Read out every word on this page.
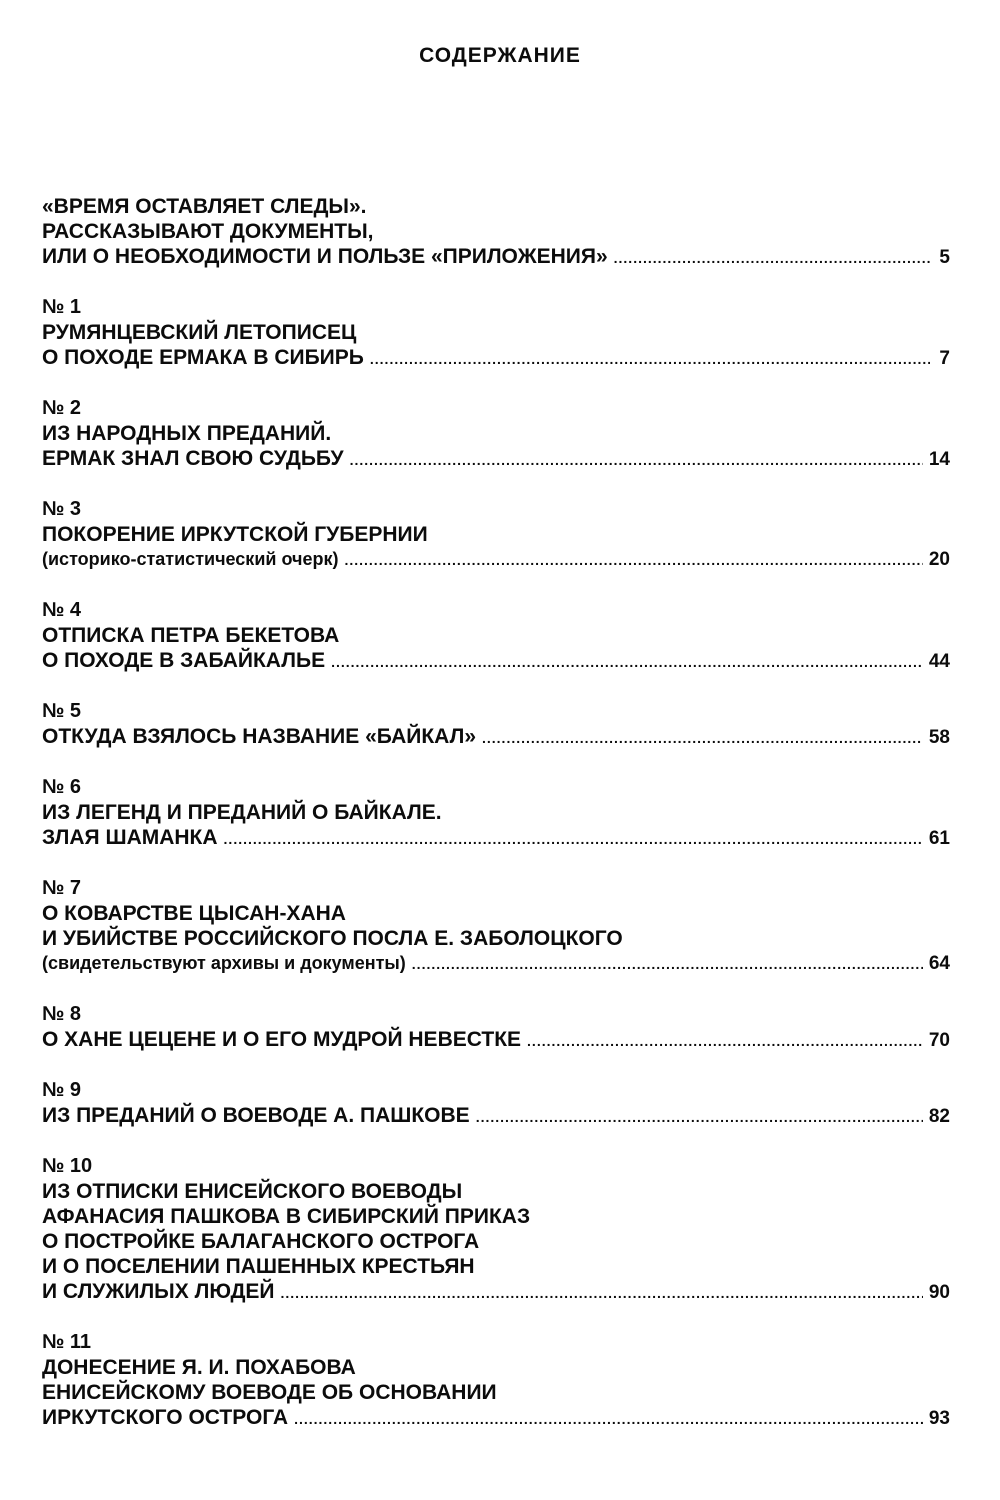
СОДЕРЖАНИЕ
«ВРЕМЯ ОСТАВЛЯЕТ СЛЕДЫ».
РАССКАЗЫВАЮТ ДОКУМЕНТЫ,
ИЛИ О НЕОБХОДИМОСТИ И ПОЛЬЗЕ «ПРИЛОЖЕНИЯ» .....	5
№ 1
РУМЯНЦЕВСКИЙ ЛЕТОПИСЕЦ
О ПОХОДЕ ЕРМАКА В СИБИРЬ .....	7
№ 2
ИЗ НАРОДНЫХ ПРЕДАНИЙ.
ЕРМАК ЗНАЛ СВОЮ СУДЬБУ .....	14
№ 3
ПОКОРЕНИЕ ИРКУТСКОЙ ГУБЕРНИИ
(историко-статистический очерк) .....	20
№ 4
ОТПИСКА ПЕТРА БЕКЕТОВА
О ПОХОДЕ В ЗАБАЙКАЛЬЕ .....	44
№ 5
ОТКУДА ВЗЯЛОСЬ НАЗВАНИЕ «БАЙКАЛ» .....	58
№ 6
ИЗ ЛЕГЕНД И ПРЕДАНИЙ О БАЙКАЛЕ.
ЗЛАЯ ШАМАНКА .....	61
№ 7
О КОВАРСТВЕ ЦЫСАН-ХАНА
И УБИЙСТВЕ РОССИЙСКОГО ПОСЛА Е. ЗАБОЛОЦКОГО
(свидетельствуют архивы и документы) .....	64
№ 8
О ХАНЕ ЦЕЦЕНЕ И О ЕГО МУДРОЙ НЕВЕСТКЕ .....	70
№ 9
ИЗ ПРЕДАНИЙ О ВОЕВОДЕ А. ПАШКОВЕ .....	82
№ 10
ИЗ ОТПИСКИ ЕНИСЕЙСКОГО ВОЕВОДЫ
АФАНАСИЯ ПАШКОВА В СИБИРСКИЙ ПРИКАЗ
О ПОСТРОЙКЕ БАЛАГАНСКОГО ОСТРОГА
И О ПОСЕЛЕНИИ ПАШЕННЫХ КРЕСТЬЯН
И СЛУЖИЛЫХ ЛЮДЕЙ .....	90
№ 11
ДОНЕСЕНИЕ Я. И. ПОХАБОВА
ЕНИСЕЙСКОМУ ВОЕВОДЕ ОБ ОСНОВАНИИ
ИРКУТСКОГО ОСТРОГА .....	93
